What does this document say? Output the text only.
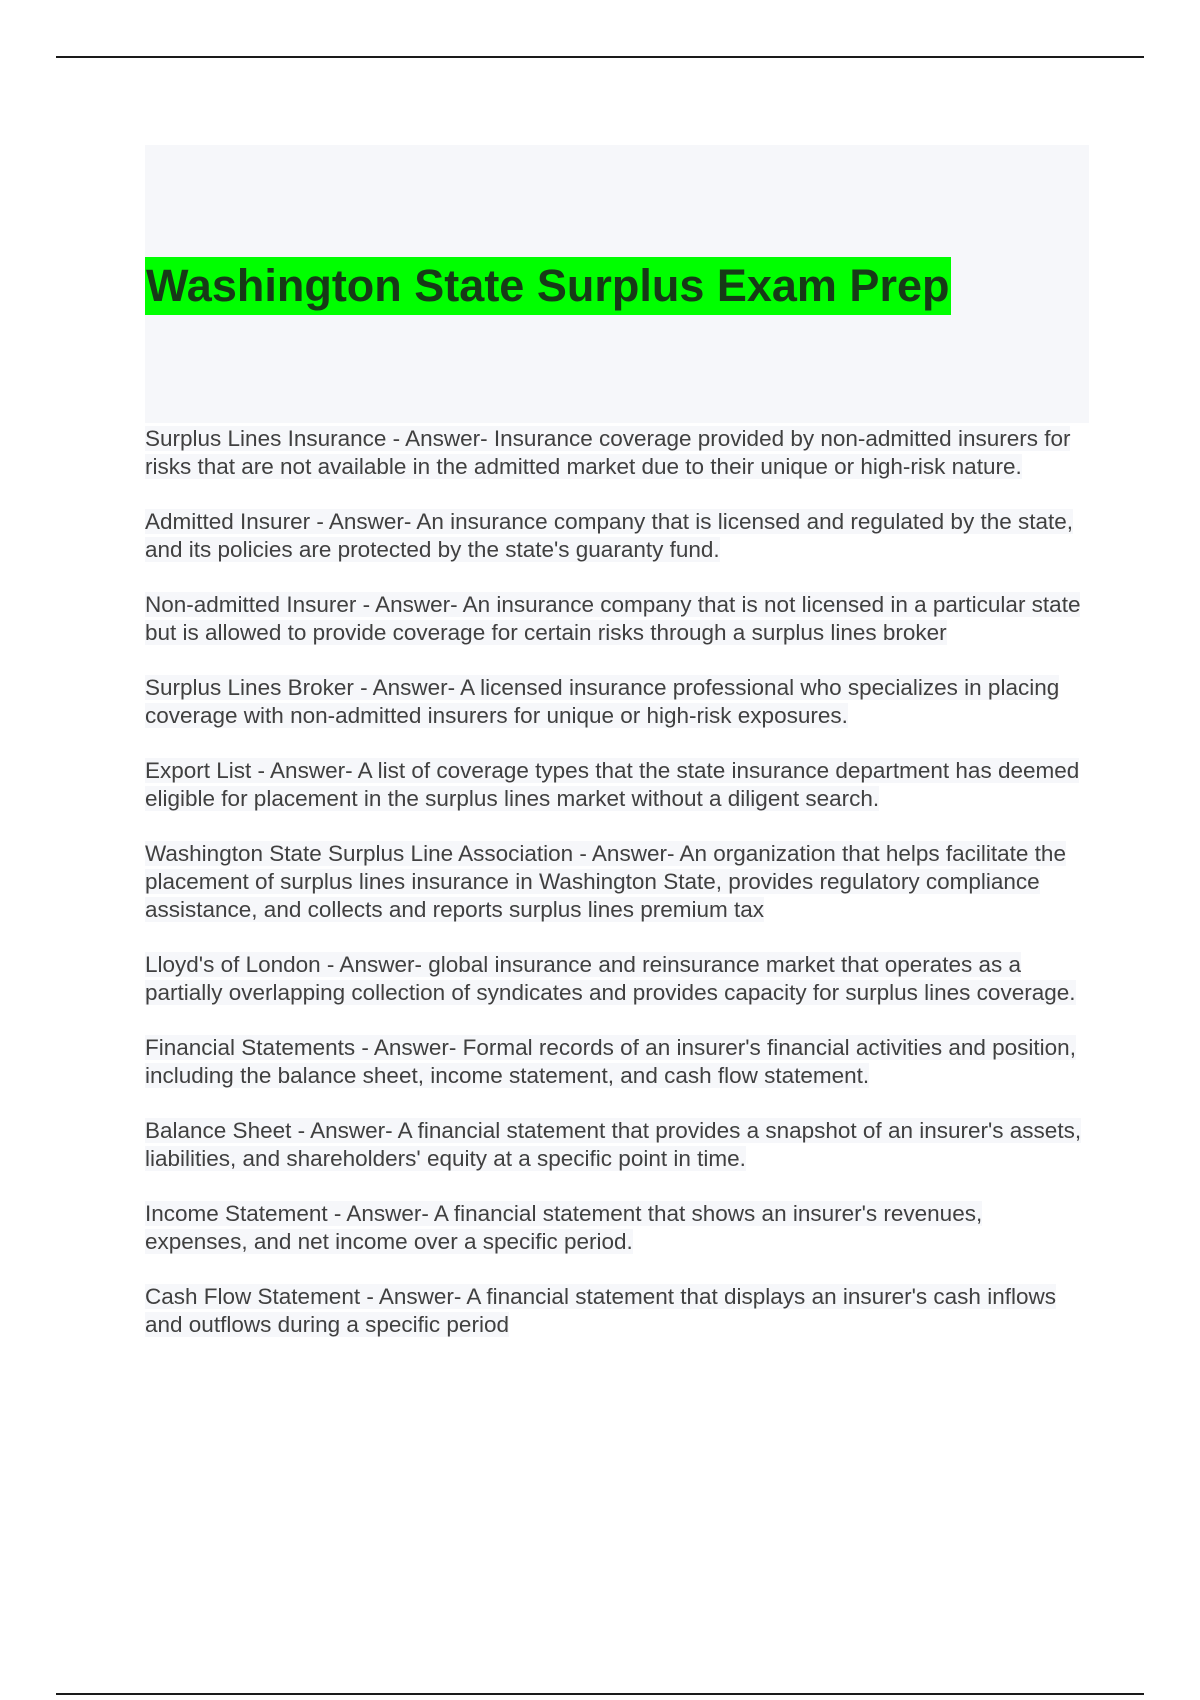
Washington State Surplus Exam Prep

Surplus Lines Insurance - Answer- Insurance coverage provided by non-admitted insurers for risks that are not available in the admitted market due to their unique or high-risk nature.

Admitted Insurer - Answer- An insurance company that is licensed and regulated by the state, and its policies are protected by the state's guaranty fund.

Non-admitted Insurer - Answer- An insurance company that is not licensed in a particular state but is allowed to provide coverage for certain risks through a surplus lines broker

Surplus Lines Broker - Answer- A licensed insurance professional who specializes in placing coverage with non-admitted insurers for unique or high-risk exposures.

Export List - Answer- A list of coverage types that the state insurance department has deemed eligible for placement in the surplus lines market without a diligent search.

Washington State Surplus Line Association - Answer- An organization that helps facilitate the placement of surplus lines insurance in Washington State, provides regulatory compliance assistance, and collects and reports surplus lines premium tax

Lloyd's of London - Answer- global insurance and reinsurance market that operates as a partially overlapping collection of syndicates and provides capacity for surplus lines coverage.

Financial Statements - Answer- Formal records of an insurer's financial activities and position, including the balance sheet, income statement, and cash flow statement.

Balance Sheet - Answer- A financial statement that provides a snapshot of an insurer's assets, liabilities, and shareholders' equity at a specific point in time.

Income Statement - Answer- A financial statement that shows an insurer's revenues, expenses, and net income over a specific period.

Cash Flow Statement - Answer- A financial statement that displays an insurer's cash inflows and outflows during a specific period
